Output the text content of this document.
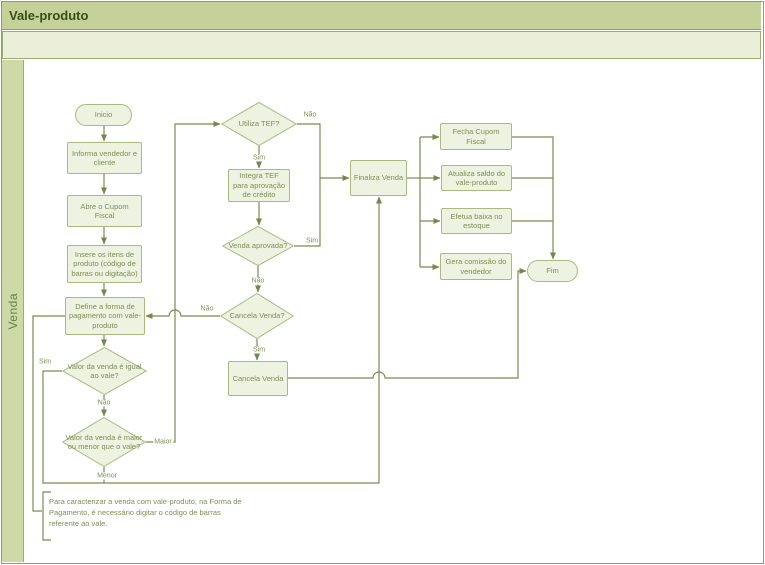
Vale-produto
Venda
Inicio
Fim
Informa vendedor e cliente
Abre o Cupom Fiscal
Insere os itens de produto (código de barras ou digitação)
Define a forma de pagamento com vale-produto
Integra TEF para aprovação de crédito
Cancela Venda
Finaliza Venda
Fecha Cupom Fiscal
Atualiza saldo do vale-produto
Efetua baixa no estoque
Gera comissão do vendedor
Valor da venda é igual ao vale?
Valor da venda é maior ou menor que o vale?
Utiliza TEF?
Venda aprovada?
Cancela Venda?
Sim
Não
Menor
Maior
Não
Sim
Sim
Não
Não
Sim
Para caracterizar a venda com vale-produto, na Forma de Pagamento, é necessário digitar o código de barras referente ao vale.
